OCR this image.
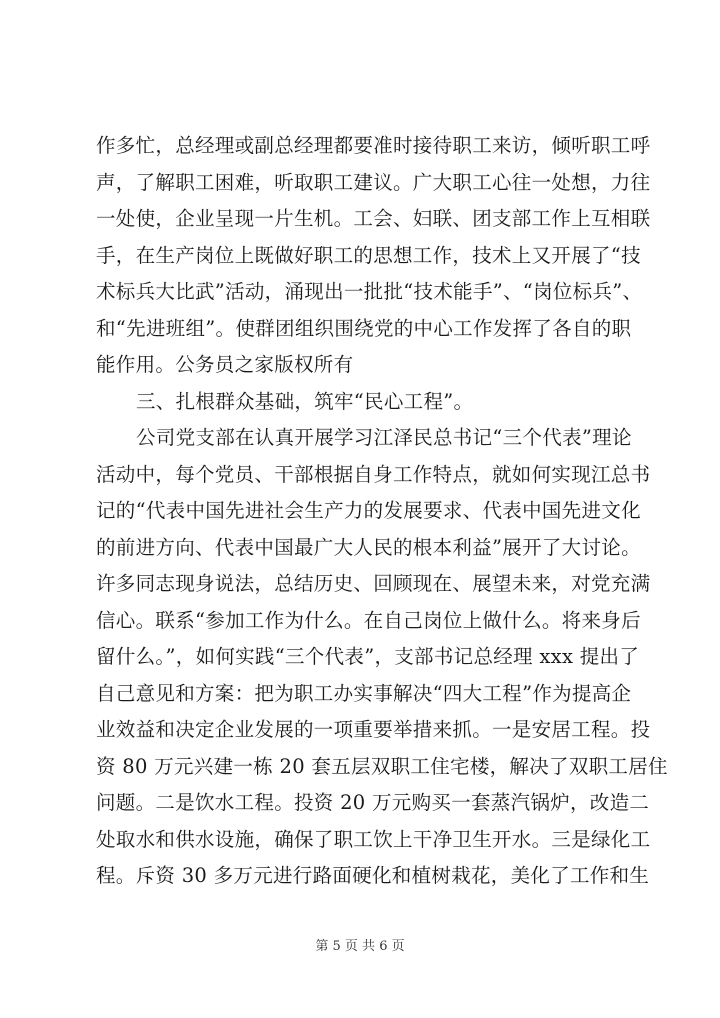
作多忙，总经理或副总经理都要准时接待职工来访，倾听职工呼
声，了解职工困难，听取职工建议。广大职工心往一处想，力往
一处使，企业呈现一片生机。工会、妇联、团支部工作上互相联
手，在生产岗位上既做好职工的思想工作，技术上又开展了“技
术标兵大比武”活动，涌现出一批批“技术能手”、“岗位标兵”、
和“先进班组”。使群团组织围绕党的中心工作发挥了各自的职
能作用。公务员之家版权所有
三、扎根群众基础，筑牢“民心工程”。
公司党支部在认真开展学习江泽民总书记“三个代表”理论
活动中，每个党员、干部根据自身工作特点，就如何实现江总书
记的“代表中国先进社会生产力的发展要求、代表中国先进文化
的前进方向、代表中国最广大人民的根本利益”展开了大讨论。
许多同志现身说法，总结历史、回顾现在、展望未来，对党充满
信心。联系“参加工作为什么。在自己岗位上做什么。将来身后
留什么。”，如何实践“三个代表”，支部书记总经理 xxx 提出了
自己意见和方案：把为职工办实事解决“四大工程”作为提高企
业效益和决定企业发展的一项重要举措来抓。一是安居工程。投
资 80 万元兴建一栋 20 套五层双职工住宅楼，解决了双职工居住
问题。二是饮水工程。投资 20 万元购买一套蒸汽锅炉，改造二
处取水和供水设施，确保了职工饮上干净卫生开水。三是绿化工
程。斥资 30 多万元进行路面硬化和植树栽花，美化了工作和生
第 5 页 共 6 页
